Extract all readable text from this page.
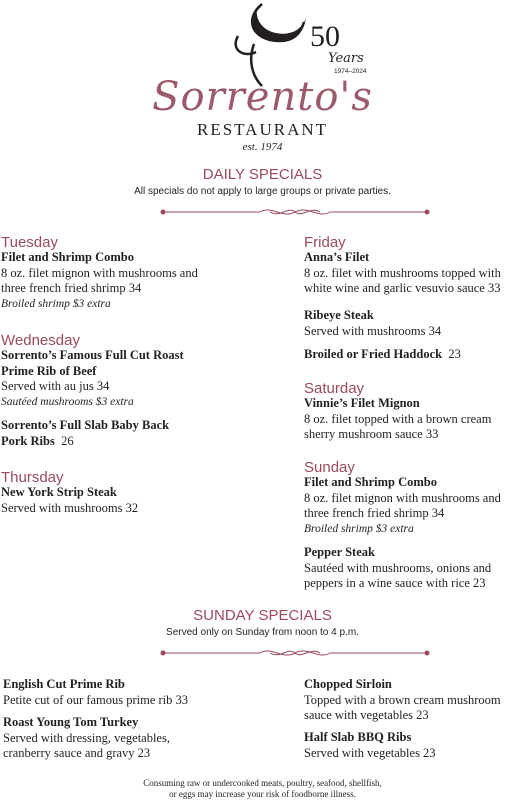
50
Years
1974–2024
Sorrento's
RESTAURANT
est. 1974
DAILY SPECIALS
All specials do not apply to large groups or private parties.
Tuesday
Filet and Shrimp Combo
8 oz. filet mignon with mushrooms and
three french fried shrimp 34
Broiled shrimp $3 extra
Wednesday
Sorrento’s Famous Full Cut Roast
Prime Rib of Beef
Served with au jus 34
Sautéed mushrooms $3 extra
Sorrento’s Full Slab Baby Back
Pork Ribs 26
Thursday
New York Strip Steak
Served with mushrooms 32
Friday
Anna’s Filet
8 oz. filet with mushrooms topped with
white wine and garlic vesuvio sauce 33
Ribeye Steak
Served with mushrooms 34
Broiled or Fried Haddock 23
Saturday
Vinnie’s Filet Mignon
8 oz. filet topped with a brown cream
sherry mushroom sauce 33
Sunday
Filet and Shrimp Combo
8 oz. filet mignon with mushrooms and
three french fried shrimp 34
Broiled shrimp $3 extra
Pepper Steak
Sautéed with mushrooms, onions and
peppers in a wine sauce with rice 23
SUNDAY SPECIALS
Served only on Sunday from noon to 4 p.m.
English Cut Prime Rib
Petite cut of our famous prime rib 33
Roast Young Tom Turkey
Served with dressing, vegetables,
cranberry sauce and gravy 23
Chopped Sirloin
Topped with a brown cream mushroom
sauce with vegetables 23
Half Slab BBQ Ribs
Served with vegetables 23
Consuming raw or undercooked meats, poultry, seafood, shellfish,
or eggs may increase your risk of foodborne illness.
